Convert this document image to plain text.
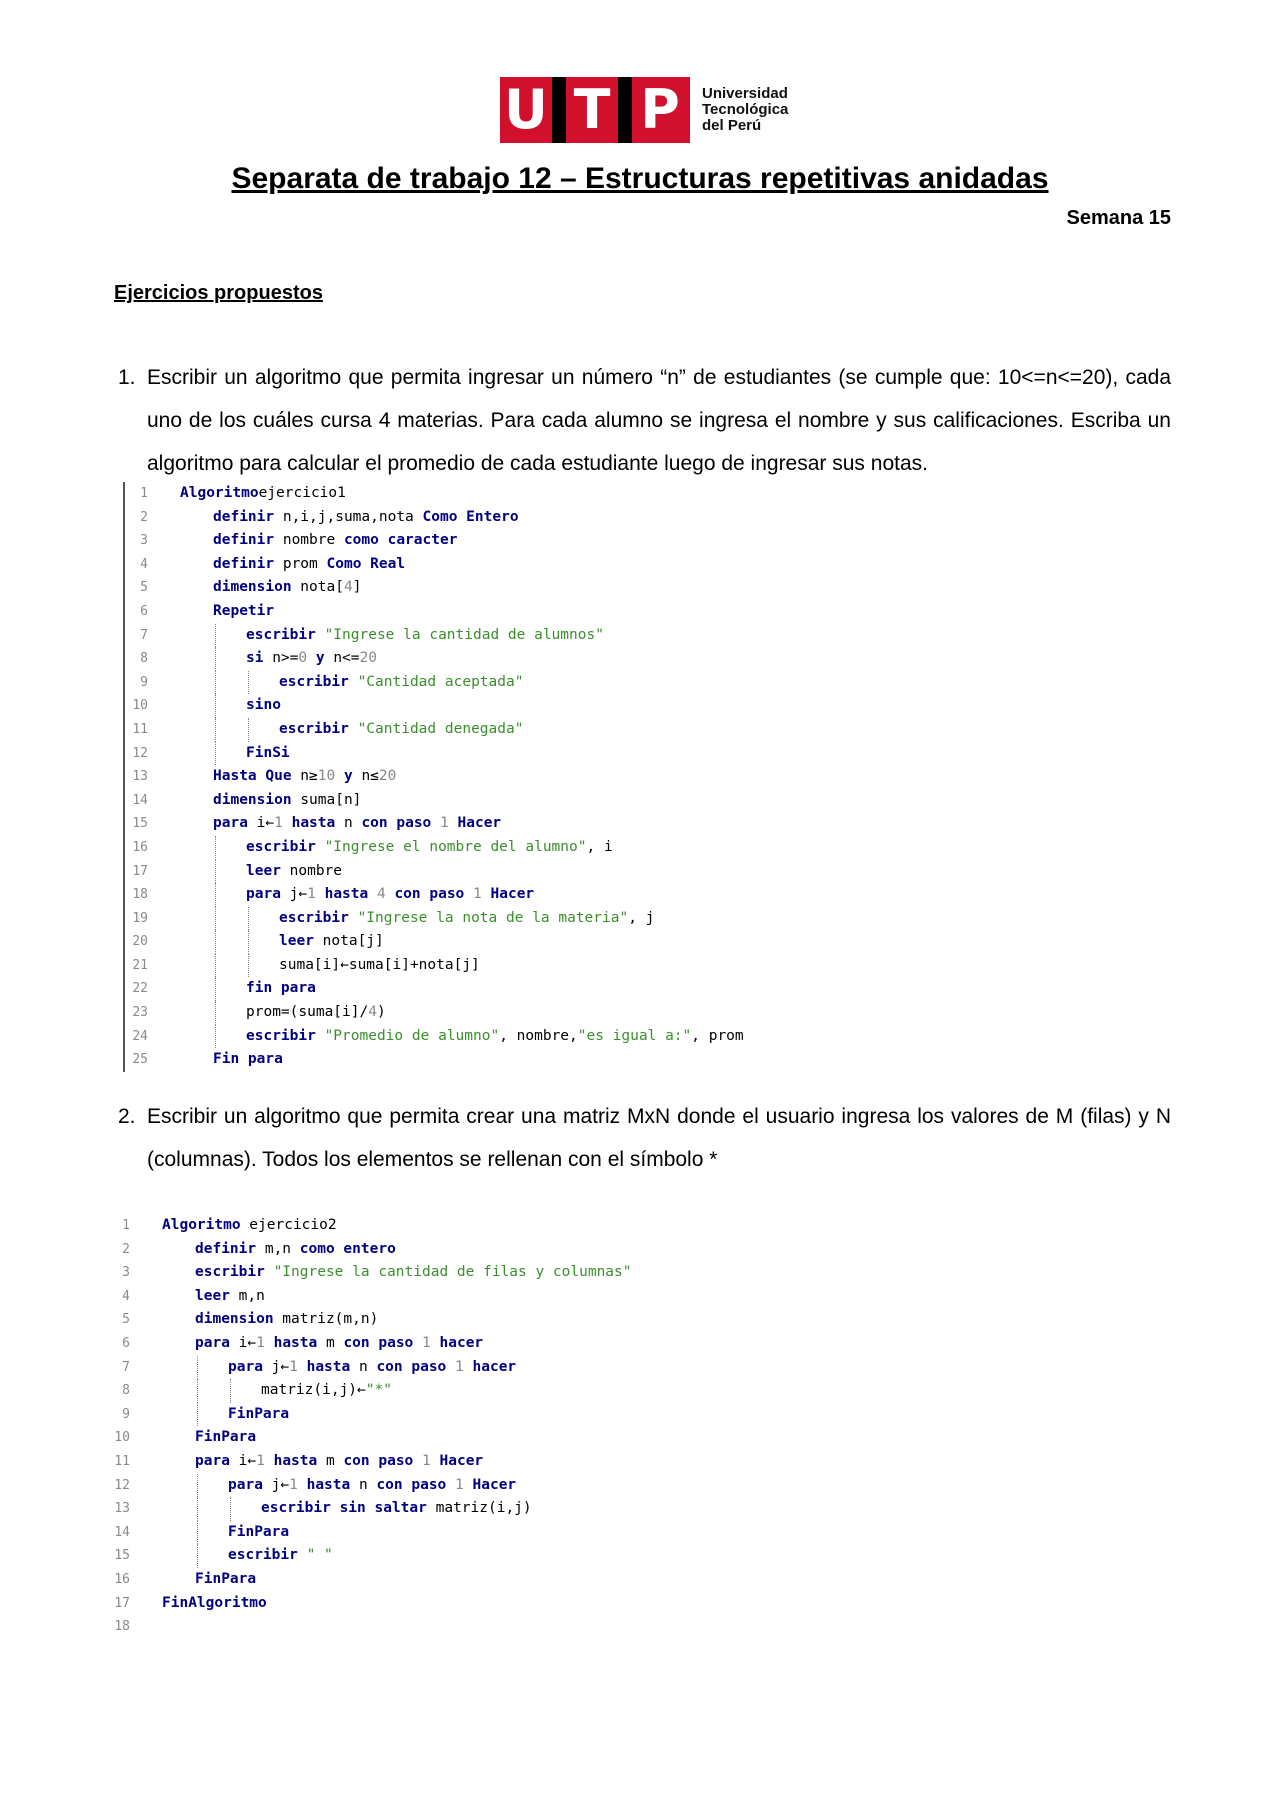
U T P Universidad
Tecnológica
del Perú
Separata de trabajo 12 – Estructuras repetitivas anidadas
Semana 15
Ejercicios propuestos
1. Escribir un algoritmo que permita ingresar un número “n” de estudiantes (se cumple que: 10<=n<=20), cada uno de los cuáles cursa 4 materias. Para cada alumno se ingresa el nombre y sus calificaciones. Escriba un algoritmo para calcular el promedio de cada estudiante luego de ingresar sus notas.
1 Algoritmoejercicio1
2	definir n,i,j,suma,nota Como Entero
3	definir nombre como caracter
4	definir prom Como Real
5	dimension nota[4]
6	Repetir
7	escribir "Ingrese la cantidad de alumnos"
8	si n>=0 y n<=20
9	escribir "Cantidad aceptada"
10	sino
11	escribir "Cantidad denegada"
12	FinSi
13	Hasta Que n≥10 y n≤20
14	dimension suma[n]
15	para i←1 hasta n con paso 1 Hacer
16	escribir "Ingrese el nombre del alumno", i
17	leer nombre
18	para j←1 hasta 4 con paso 1 Hacer
19	escribir "Ingrese la nota de la materia", j
20	leer nota[j]
21	suma[i]←suma[i]+nota[j]
22	fin para
23	prom=(suma[i]/4)
24	escribir "Promedio de alumno", nombre,"es igual a:", prom
25	Fin para
2. Escribir un algoritmo que permita crear una matriz MxN donde el usuario ingresa los valores de M (filas) y N (columnas). Todos los elementos se rellenan con el símbolo *
1 Algoritmo ejercicio2
2	definir m,n como entero
3	escribir "Ingrese la cantidad de filas y columnas"
4	leer m,n
5	dimension matriz(m,n)
6	para i←1 hasta m con paso 1 hacer
7	para j←1 hasta n con paso 1 hacer
8	matriz(i,j)←"*"
9	FinPara
10	FinPara
11	para i←1 hasta m con paso 1 Hacer
12	para j←1 hasta n con paso 1 Hacer
13	escribir sin saltar matriz(i,j)
14	FinPara
15	escribir " "
16	FinPara
17 FinAlgoritmo
18
